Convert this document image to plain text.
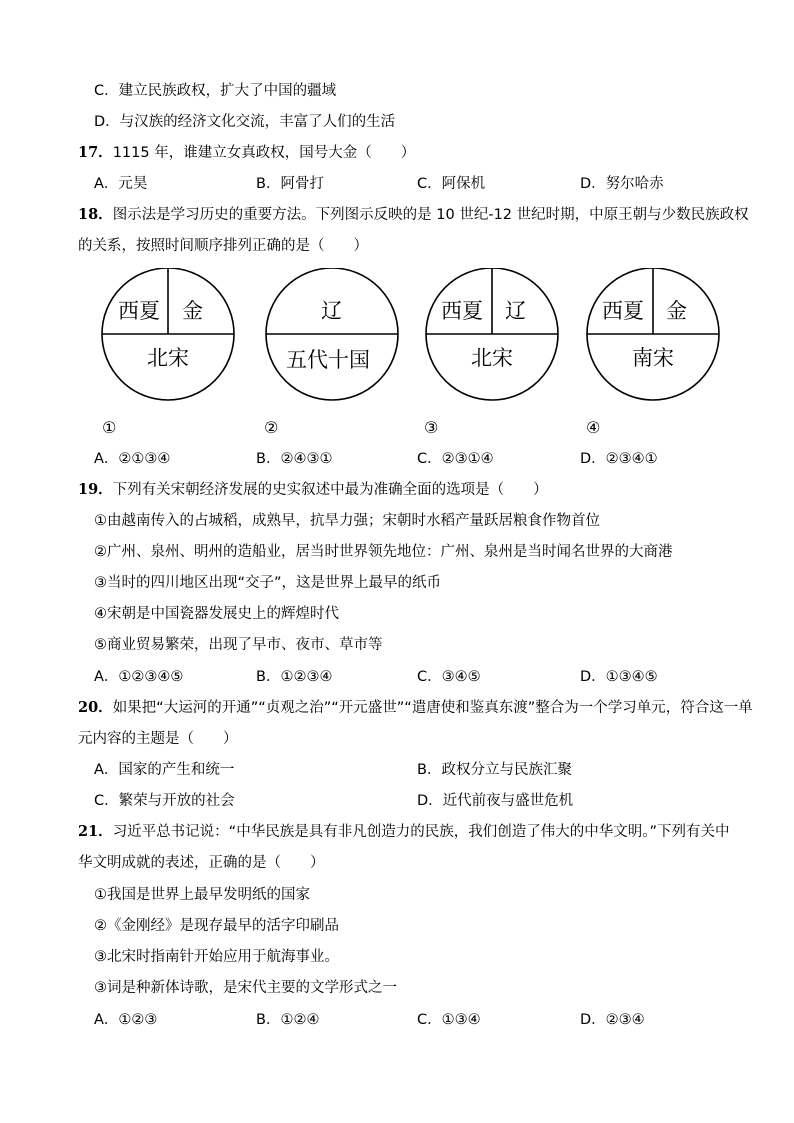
C．建立民族政权，扩大了中国的疆域
D．与汉族的经济文化交流，丰富了人们的生活
17．1115 年，谁建立女真政权，国号大金（　　）
A．元昊	B．阿骨打	C．阿保机	D．努尔哈赤
18．图示法是学习历史的重要方法。下列图示反映的是 10 世纪-12 世纪时期，中原王朝与少数民族政权
的关系，按照时间顺序排列正确的是（　　）
西夏 金
北宋
①
辽
五代十国
②
西夏 辽
北宋
③
西夏 金
南宋
④
A．②①③④	B．②④③①	C．②③①④	D．②③④①
19．下列有关宋朝经济发展的史实叙述中最为准确全面的选项是（　　）
①由越南传入的占城稻，成熟早，抗旱力强；宋朝时水稻产量跃居粮食作物首位
②广州、泉州、明州的造船业，居当时世界领先地位：广州、泉州是当时闻名世界的大商港
③当时的四川地区出现“交子”，这是世界上最早的纸币
④宋朝是中国瓷器发展史上的辉煌时代
⑤商业贸易繁荣，出现了早市、夜市、草市等
A．①②③④⑤	B．①②③④	C．③④⑤	D．①③④⑤
20．如果把“大运河的开通”“贞观之治”“开元盛世”“遣唐使和鉴真东渡”整合为一个学习单元，符合这一单
元内容的主题是（　　）
A．国家的产生和统一	B．政权分立与民族汇聚
C．繁荣与开放的社会	D．近代前夜与盛世危机
21．习近平总书记说：“中华民族是具有非凡创造力的民族，我们创造了伟大的中华文明。”下列有关中
华文明成就的表述，正确的是（　　）
①我国是世界上最早发明纸的国家
②《金刚经》是现存最早的活字印刷品
③北宋时指南针开始应用于航海事业。
③词是种新体诗歌，是宋代主要的文学形式之一
A．①②③	B．①②④	C．①③④	D．②③④
